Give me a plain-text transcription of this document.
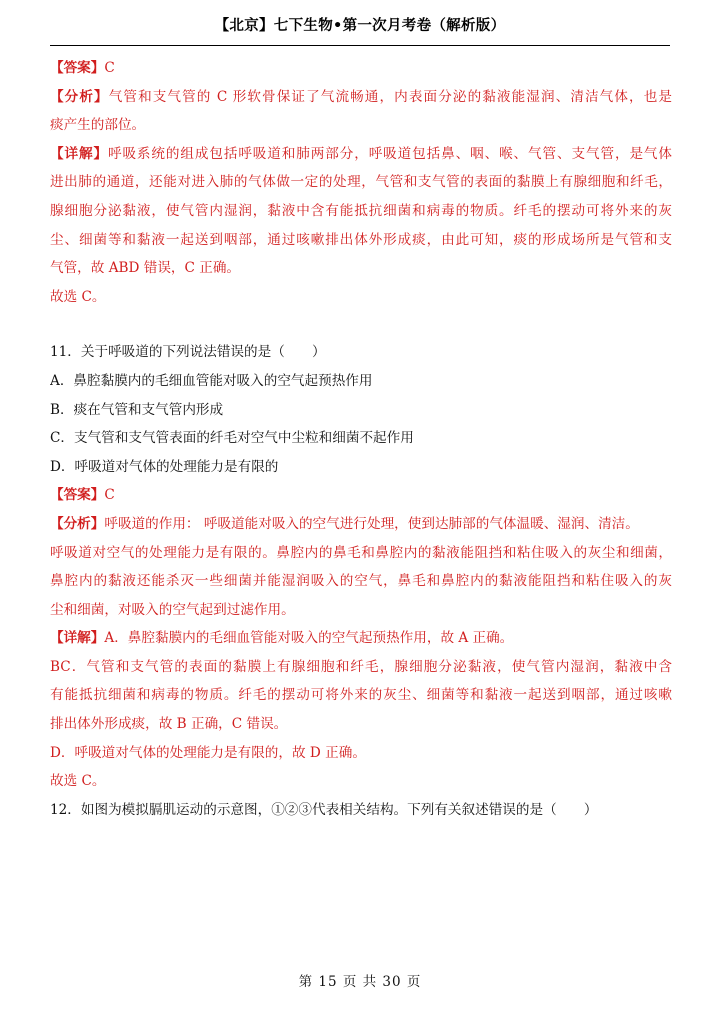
【北京】七下生物•第一次月考卷（解析版）
【答案】C
【分析】气管和支气管的 C 形软骨保证了气流畅通，内表面分泌的黏液能湿润、清洁气体，也是
痰产生的部位。
【详解】呼吸系统的组成包括呼吸道和肺两部分，呼吸道包括鼻、咽、喉、气管、支气管，是气体
进出肺的通道，还能对进入肺的气体做一定的处理，气管和支气管的表面的黏膜上有腺细胞和纤毛，
腺细胞分泌黏液，使气管内湿润，黏液中含有能抵抗细菌和病毒的物质。纤毛的摆动可将外来的灰
尘、细菌等和黏液一起送到咽部，通过咳嗽排出体外形成痰，由此可知，痰的形成场所是气管和支
气管，故 ABD 错误，C 正确。
故选 C。
11．关于呼吸道的下列说法错误的是（　　）
A．鼻腔黏膜内的毛细血管能对吸入的空气起预热作用
B．痰在气管和支气管内形成
C．支气管和支气管表面的纤毛对空气中尘粒和细菌不起作用
D．呼吸道对气体的处理能力是有限的
【答案】C
【分析】呼吸道的作用： 呼吸道能对吸入的空气进行处理，使到达肺部的气体温暖、湿润、清洁。
呼吸道对空气的处理能力是有限的。鼻腔内的鼻毛和鼻腔内的黏液能阻挡和粘住吸入的灰尘和细菌，
鼻腔内的黏液还能杀灭一些细菌并能湿润吸入的空气，鼻毛和鼻腔内的黏液能阻挡和粘住吸入的灰
尘和细菌，对吸入的空气起到过滤作用。
【详解】A．鼻腔黏膜内的毛细血管能对吸入的空气起预热作用，故 A 正确。
BC．气管和支气管的表面的黏膜上有腺细胞和纤毛，腺细胞分泌黏液，使气管内湿润，黏液中含
有能抵抗细菌和病毒的物质。纤毛的摆动可将外来的灰尘、细菌等和黏液一起送到咽部，通过咳嗽
排出体外形成痰，故 B 正确，C 错误。
D．呼吸道对气体的处理能力是有限的，故 D 正确。
故选 C。
12．如图为模拟膈肌运动的示意图，①②③代表相关结构。下列有关叙述错误的是（　　）
第 15 页 共 30 页
